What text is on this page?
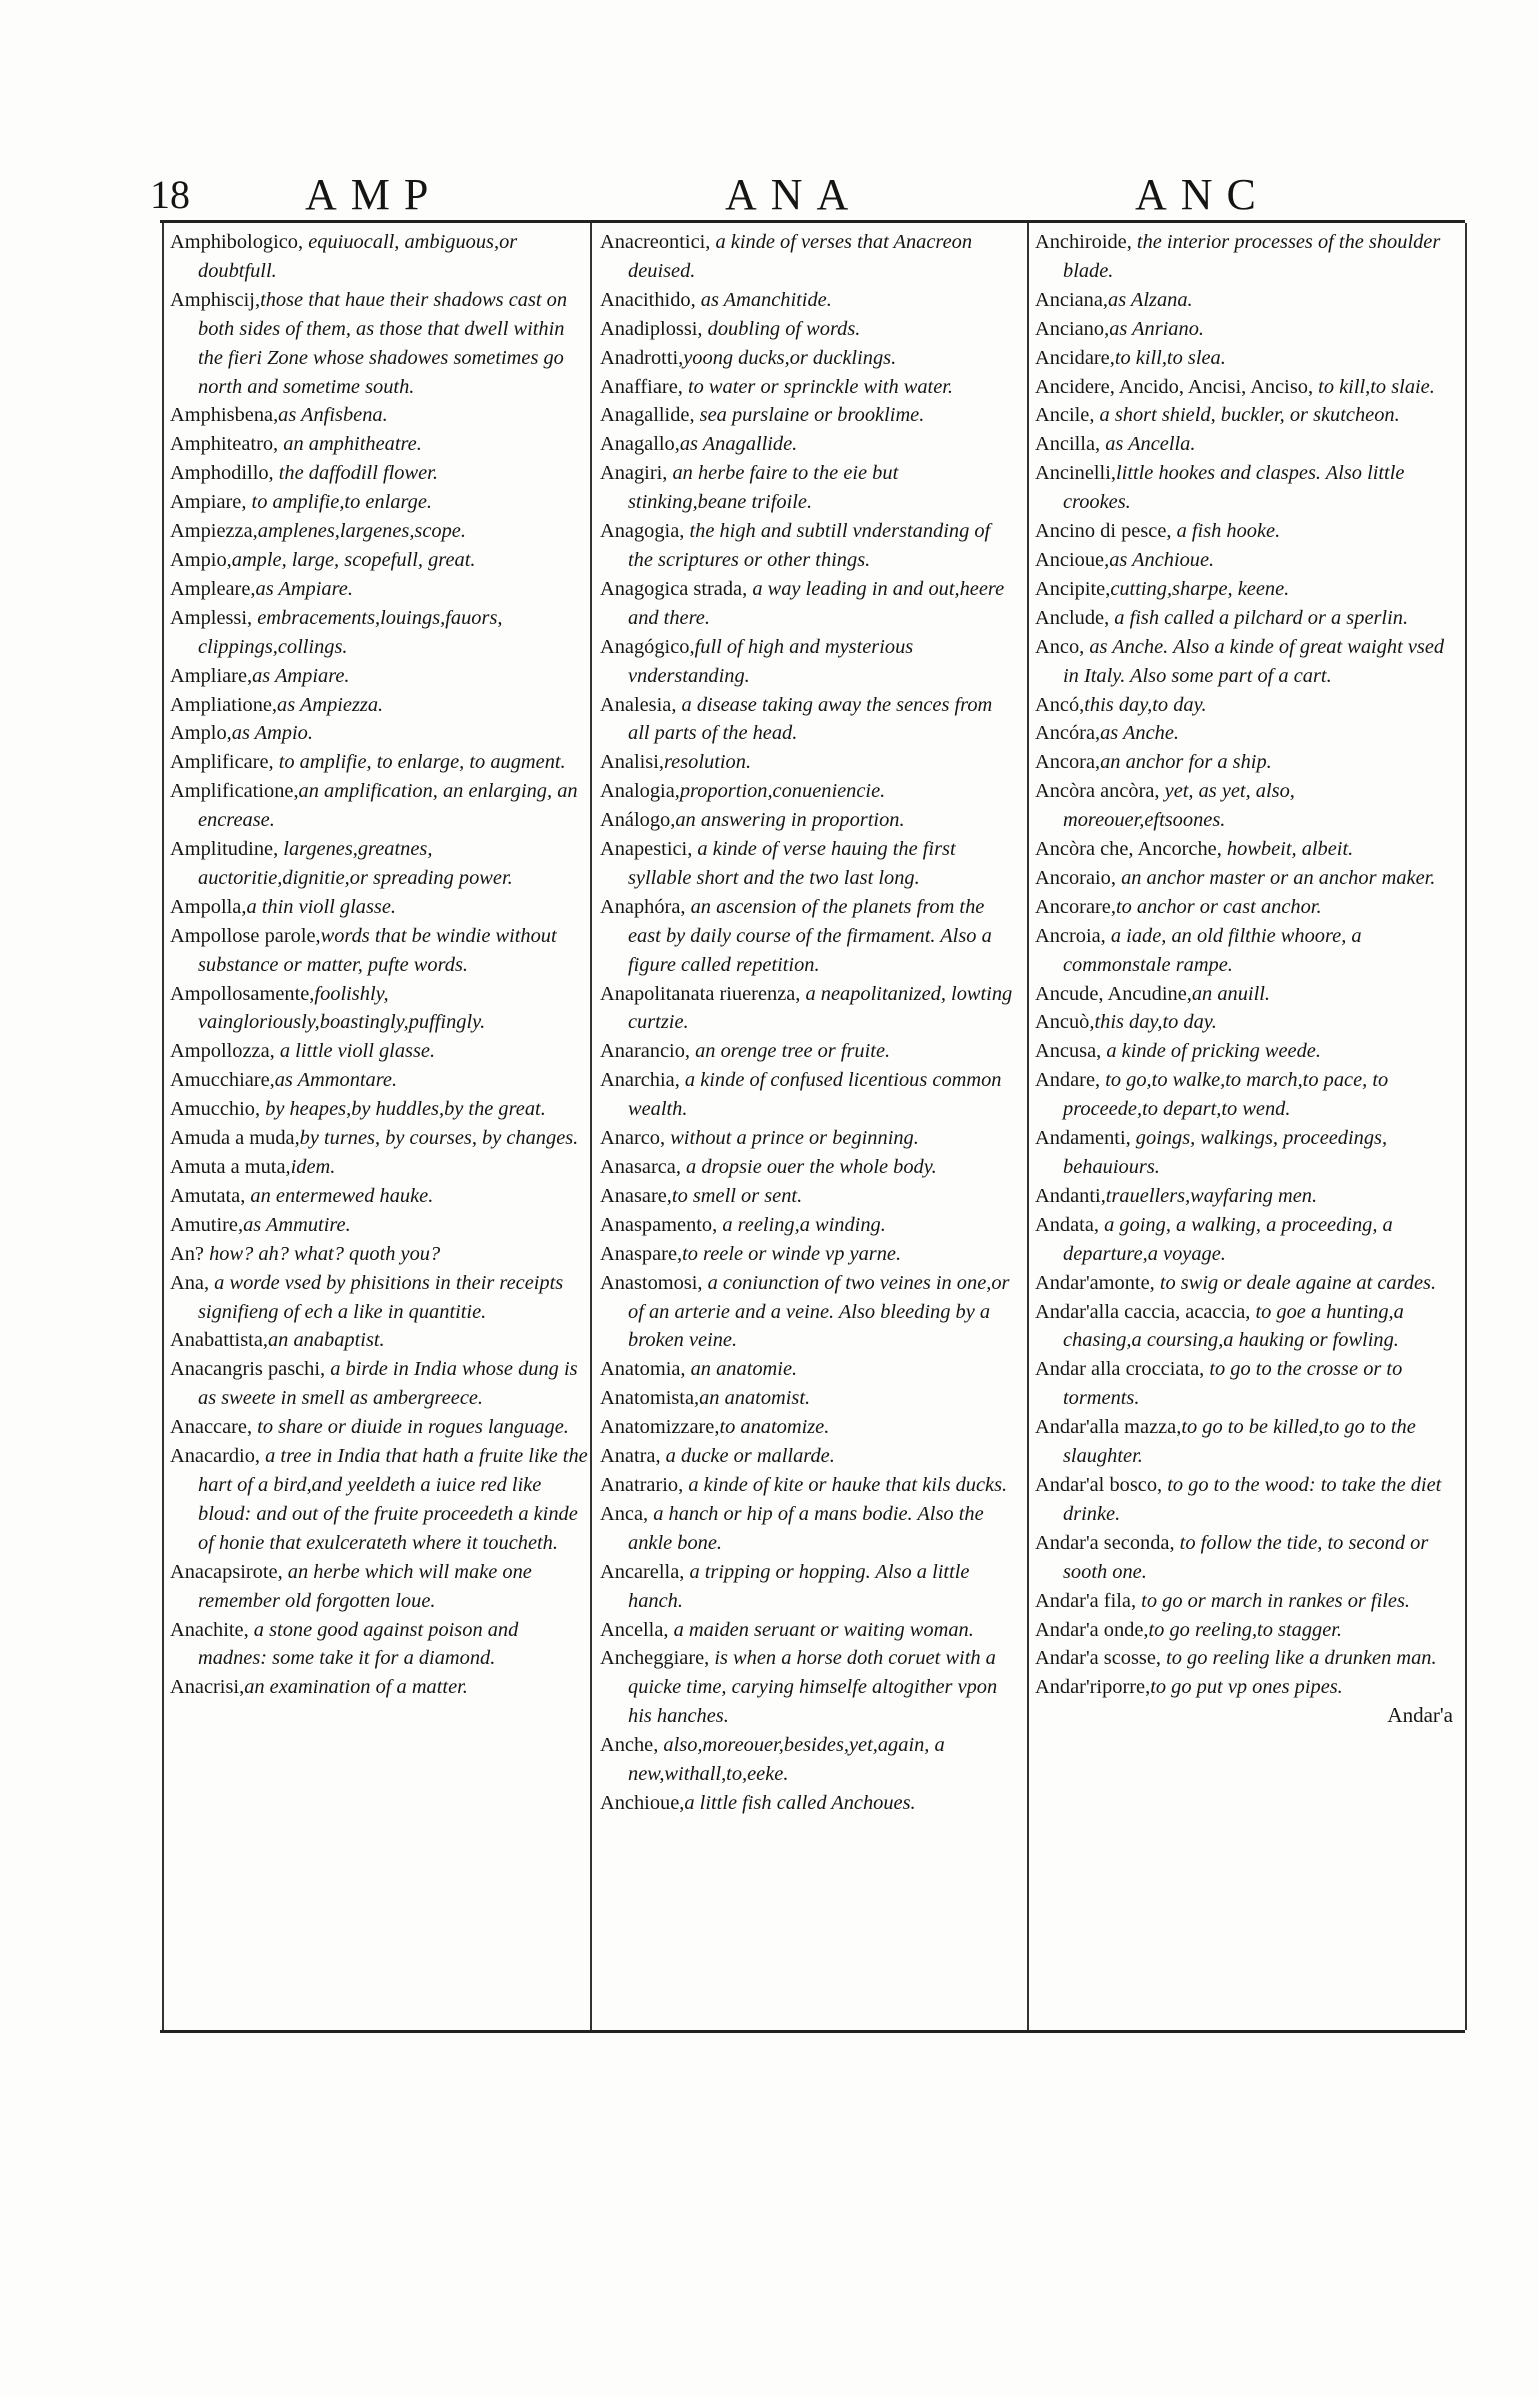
18	AMP	ANA	ANC

Amphibologico, equiuocall, ambiguous,or doubtfull.

Amphiscij,those that haue their shadows cast on both sides of them, as those that dwell within the fieri Zone whose shadowes sometimes go north and sometime south.

Amphisbena,as Anfisbena.

Amphiteatro, an amphitheatre.

Amphodillo, the daffodill flower.

Ampiare, to amplifie,to enlarge.

Ampiezza,amplenes,largenes,scope.

Ampio,ample, large, scopefull, great.

Ampleare,as Ampiare.

Amplessi, embracements,louings,fauors, clippings,collings.

Ampliare,as Ampiare.

Ampliatione,as Ampiezza.

Amplo,as Ampio.

Amplificare, to amplifie, to enlarge, to augment.

Amplificatione,an amplification, an enlarging, an encrease.

Amplitudine, largenes,greatnes, auctoritie,dignitie,or spreading power.

Ampolla,a thin violl glasse.

Ampollose parole,words that be windie without substance or matter, pufte words.

Ampollosamente,foolishly, vaingloriously,boastingly,puffingly.

Ampollozza, a little violl glasse.

Amucchiare,as Ammontare.

Amucchio, by heapes,by huddles,by the great.

Amuda a muda,by turnes, by courses, by changes.

Amuta a muta,idem.

Amutata, an entermewed hauke.

Amutire,as Ammutire.

An? how? ah? what? quoth you?

Ana, a worde vsed by phisitions in their receipts signifieng of ech a like in quantitie.

Anabattista,an anabaptist.

Anacangris paschi, a birde in India whose dung is as sweete in smell as ambergreece.

Anaccare, to share or diuide in rogues language.

Anacardio, a tree in India that hath a fruite like the hart of a bird,and yeeldeth a iuice red like bloud: and out of the fruite proceedeth a kinde of honie that exulcerateth where it toucheth.

Anacapsirote, an herbe which will make one remember old forgotten loue.

Anachite, a stone good against poison and madnes: some take it for a diamond.

Anacrisi,an examination of a matter.

Anacreontici, a kinde of verses that Anacreon deuised.

Anacithido, as Amanchitide.

Anadiplossi, doubling of words.

Anadrotti,yoong ducks,or ducklings.

Anaffiare, to water or sprinckle with water.

Anagallide, sea purslaine or brooklime.

Anagallo,as Anagallide.

Anagiri, an herbe faire to the eie but stinking,beane trifoile.

Anagogia, the high and subtill vnderstanding of the scriptures or other things.

Anagogica strada, a way leading in and out,heere and there.

Anagógico,full of high and mysterious vnderstanding.

Analesia, a disease taking away the sences from all parts of the head.

Analisi,resolution.

Analogia,proportion,conueniencie.

Análogo,an answering in proportion.

Anapestici, a kinde of verse hauing the first syllable short and the two last long.

Anaphóra, an ascension of the planets from the east by daily course of the firmament. Also a figure called repetition.

Anapolitanata riuerenza, a neapolitanized, lowting curtzie.

Anarancio, an orenge tree or fruite.

Anarchia, a kinde of confused licentious common wealth.

Anarco, without a prince or beginning.

Anasarca, a dropsie ouer the whole body.

Anasare,to smell or sent.

Anaspamento, a reeling,a winding.

Anaspare,to reele or winde vp yarne.

Anastomosi, a coniunction of two veines in one,or of an arterie and a veine. Also bleeding by a broken veine.

Anatomia, an anatomie.

Anatomista,an anatomist.

Anatomizzare,to anatomize.

Anatra, a ducke or mallarde.

Anatrario, a kinde of kite or hauke that kils ducks.

Anca, a hanch or hip of a mans bodie. Also the ankle bone.

Ancarella, a tripping or hopping. Also a little hanch.

Ancella, a maiden seruant or waiting woman.

Ancheggiare, is when a horse doth coruet with a quicke time, carying himselfe altogither vpon his hanches.

Anche, also,moreouer,besides,yet,again, a new,withall,to,eeke.

Anchioue,a little fish called Anchoues.

Anchiroide, the interior processes of the shoulder blade.

Anciana,as Alzana.

Anciano,as Anriano.

Ancidare,to kill,to slea.

Ancidere, Ancido, Ancisi, Anciso, to kill,to slaie.

Ancile, a short shield, buckler, or skutcheon.

Ancilla, as Ancella.

Ancinelli,little hookes and claspes. Also little crookes.

Ancino di pesce, a fish hooke.

Ancioue,as Anchioue.

Ancipite,cutting,sharpe, keene.

Anclude, a fish called a pilchard or a sperlin.

Anco, as Anche. Also a kinde of great waight vsed in Italy. Also some part of a cart.

Ancó,this day,to day.

Ancóra,as Anche.

Ancora,an anchor for a ship.

Ancòra ancòra, yet, as yet, also, moreouer,eftsoones.

Ancòra che, Ancorche, howbeit, albeit.

Ancoraio, an anchor master or an anchor maker.

Ancorare,to anchor or cast anchor.

Ancroia, a iade, an old filthie whoore, a commonstale rampe.

Ancude, Ancudine,an anuill.

Ancuò,this day,to day.

Ancusa, a kinde of pricking weede.

Andare, to go,to walke,to march,to pace, to proceede,to depart,to wend.

Andamenti, goings, walkings, proceedings, behauiours.

Andanti,trauellers,wayfaring men.

Andata, a going, a walking, a proceeding, a departure,a voyage.

Andar'amonte, to swig or deale againe at cardes.

Andar'alla caccia, acaccia, to goe a hunting,a chasing,a coursing,a hauking or fowling.

Andar alla crocciata, to go to the crosse or to torments.

Andar'alla mazza,to go to be killed,to go to the slaughter.

Andar'al bosco, to go to the wood: to take the diet drinke.

Andar'a seconda, to follow the tide, to second or sooth one.

Andar'a fila, to go or march in rankes or files.

Andar'a onde,to go reeling,to stagger.

Andar'a scosse, to go reeling like a drunken man.

Andar'riporre,to go put vp ones pipes.

Andar'a
